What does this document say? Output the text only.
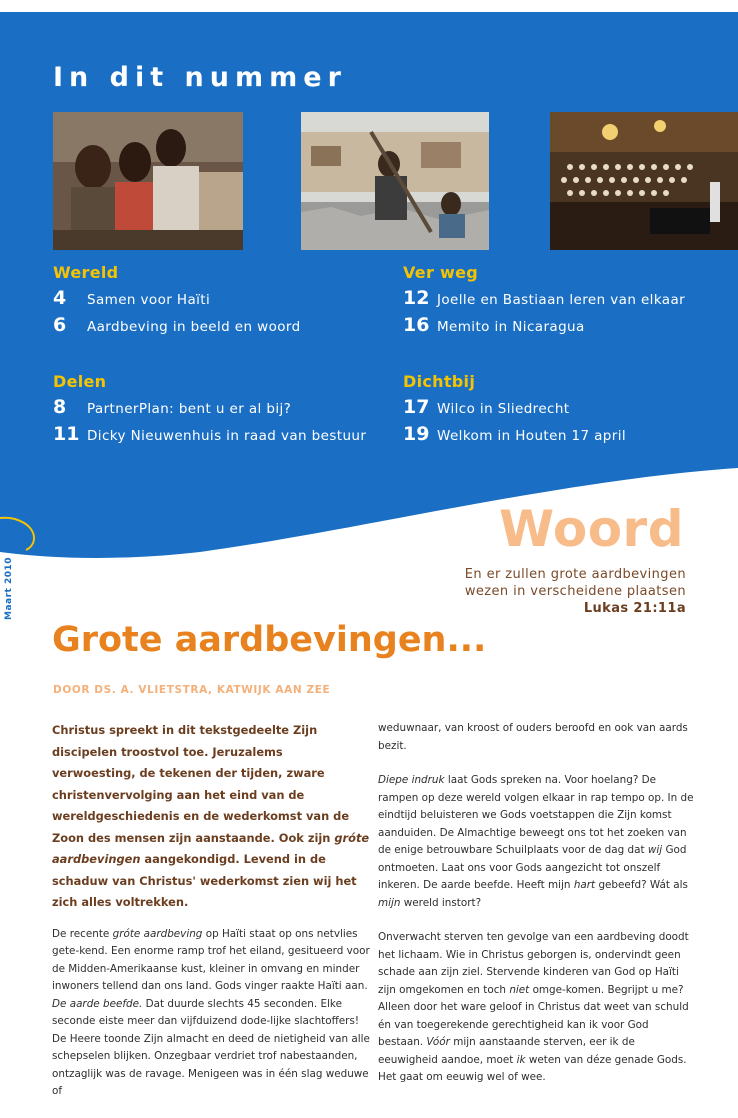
In dit nummer
Wereld
4	Samen voor Haïti
6	Aardbeving in beeld en woord
Ver weg
12 Joelle en Bastiaan leren van elkaar
16 Memito in Nicaragua
Delen
8	PartnerPlan: bent u er al bij?
11 Dicky Nieuwenhuis in raad van bestuur
Dichtbij
17 Wilco in Sliedrecht
19 Welkom in Houten 17 april
2
Maart 2010
Woord
En er zullen grote aardbevingen
wezen in verscheidene plaatsen
Lukas 21:11a
Grote aardbevingen...
DOOR DS. A. VLIETSTRA, KATWIJK AAN ZEE

Christus spreekt in dit tekstgedeelte Zijn discipelen troostvol toe. Jeruzalems verwoesting, de tekenen der tijden, zware christenvervolging aan het eind van de wereldgeschiedenis en de wederkomst van de Zoon des mensen zijn aanstaande. Ook zijn gróte aardbevingen aangekondigd. Levend in de schaduw van Christus' wederkomst zien wij het zich alles voltrekken.

De recente gróte aardbeving op Haïti staat op ons netvlies gete-kend. Een enorme ramp trof het eiland, gesitueerd voor de Midden-Amerikaanse kust, kleiner in omvang en minder inwoners tellend dan ons land. Gods vinger raakte Haïti aan. De aarde beefde. Dat duurde slechts 45 seconden. Elke seconde eiste meer dan vijfduizend dode-lijke slachtoffers! De Heere toonde Zijn almacht en deed de nietigheid van alle schepselen blijken. Onzegbaar verdriet trof nabestaanden, ontzaglijk was de ravage. Menigeen was in één slag weduwe of

weduwnaar, van kroost of ouders beroofd en ook van aards bezit.

Diepe indruk laat Gods spreken na. Voor hoelang? De rampen op deze wereld volgen elkaar in rap tempo op. In de eindtijd beluisteren we Gods voetstappen die Zijn komst aanduiden. De Almachtige beweegt ons tot het zoeken van de enige betrouwbare Schuilplaats voor de dag dat wij God ontmoeten. Laat ons voor Gods aangezicht tot onszelf inkeren. De aarde beefde. Heeft mijn hart gebeefd? Wát als mijn wereld instort?

Onverwacht sterven ten gevolge van een aardbeving doodt het lichaam. Wie in Christus geborgen is, ondervindt geen schade aan zijn ziel. Stervende kinderen van God op Haïti zijn omgekomen en toch niet omge-komen. Begrijpt u me? Alleen door het ware geloof in Christus dat weet van schuld én van toegerekende gerechtigheid kan ik voor God bestaan. Vóór mijn aanstaande sterven, eer ik de eeuwigheid aandoe, moet ik weten van déze genade Gods. Het gaat om eeuwig wel of wee.
